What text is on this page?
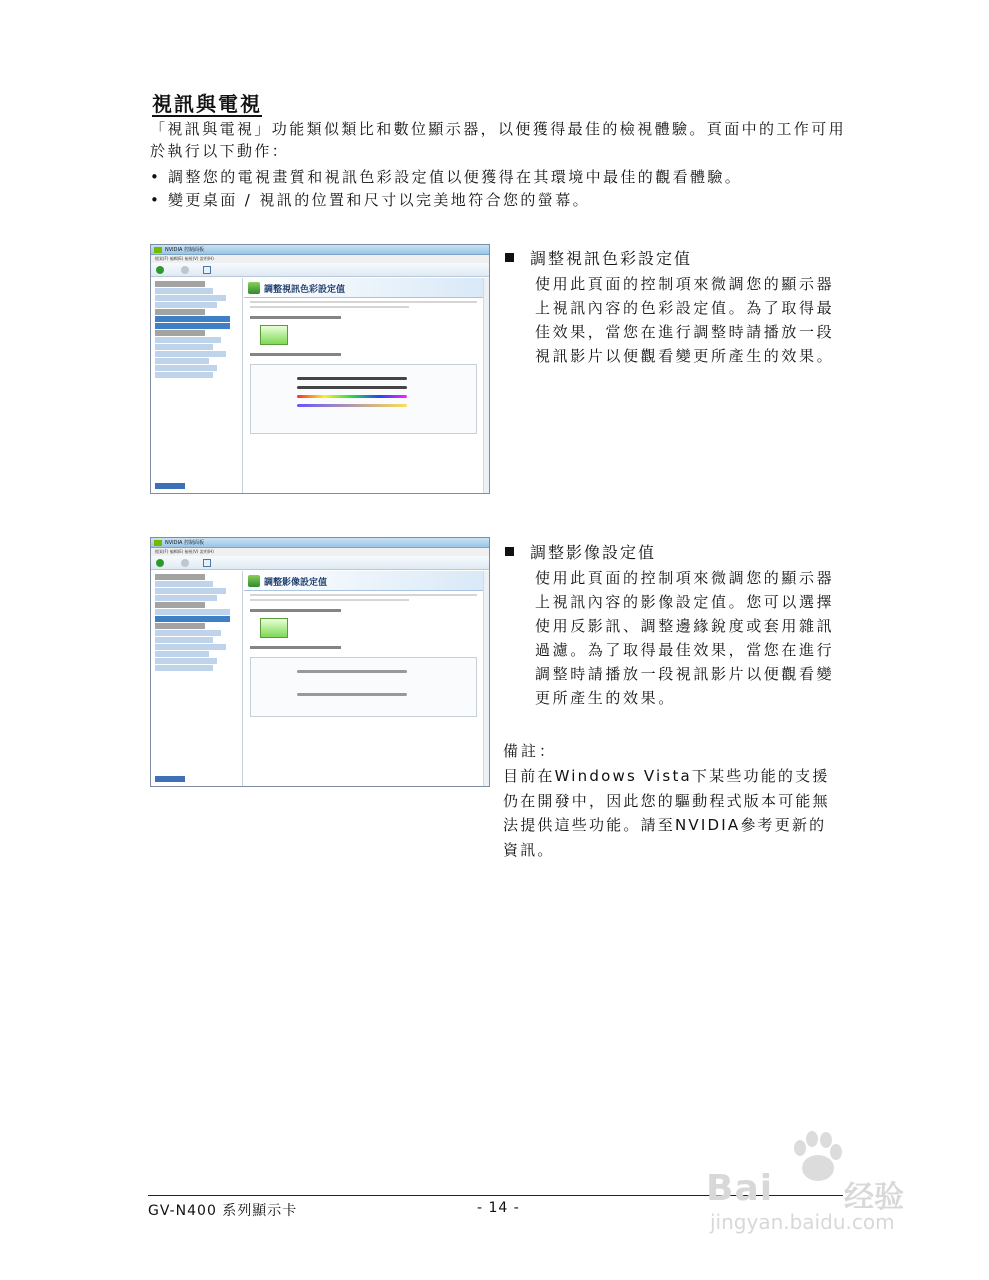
視訊與電視
「視訊與電視」功能類似類比和數位顯示器，以便獲得最佳的檢視體驗。頁面中的工作可用於執行以下動作：
• 調整您的電視畫質和視訊色彩設定值以便獲得在其環境中最佳的觀看體驗。
• 變更桌面 / 視訊的位置和尺寸以完美地符合您的螢幕。
NVIDIA 控制面板
檔案(F) 編輯(E) 檢視(V) 說明(H)
調整視訊色彩設定值
NVIDIA 控制面板
檔案(F) 編輯(E) 檢視(V) 說明(H)
調整影像設定值
調整視訊色彩設定值
使用此頁面的控制項來微調您的顯示器上視訊內容的色彩設定值。為了取得最佳效果，當您在進行調整時請播放一段視訊影片以便觀看變更所產生的效果。
調整影像設定值
使用此頁面的控制項來微調您的顯示器上視訊內容的影像設定值。您可以選擇使用反影訊、調整邊緣銳度或套用雜訊過濾。為了取得最佳效果，當您在進行調整時請播放一段視訊影片以便觀看變更所產生的效果。
備註：
目前在Windows Vista下某些功能的支援仍在開發中，因此您的驅動程式版本可能無法提供這些功能。請至NVIDIA參考更新的資訊。
GV-N400 系列顯示卡	- 14 -	Bai 经验
jingyan.baidu.com
